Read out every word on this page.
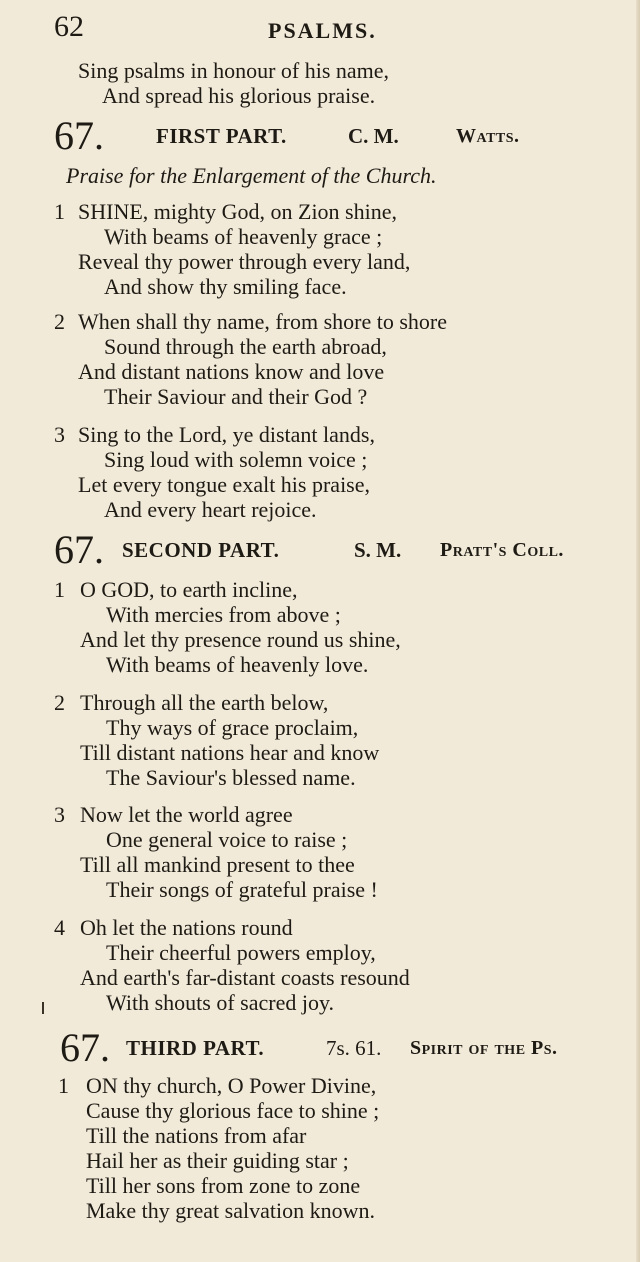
62	PSALMS.
Sing psalms in honour of his name,
And spread his glorious praise.
67. FIRST PART.	C. M.	Watts.
Praise for the Enlargement of the Church.
1 SHINE, mighty God, on Zion shine,
With beams of heavenly grace ;
Reveal thy power through every land,
And show thy smiling face.
2 When shall thy name, from shore to shore
Sound through the earth abroad,
And distant nations know and love
Their Saviour and their God ?
3 Sing to the Lord, ye distant lands,
Sing loud with solemn voice ;
Let every tongue exalt his praise,
And every heart rejoice.
67. SECOND PART.	S. M. Pratt's Coll.
1 O GOD, to earth incline,
With mercies from above ;
And let thy presence round us shine,
With beams of heavenly love.
2 Through all the earth below,
Thy ways of grace proclaim,
Till distant nations hear and know
The Saviour's blessed name.
3 Now let the world agree
One general voice to raise ;
Till all mankind present to thee
Their songs of grateful praise !
4 Oh let the nations round
Their cheerful powers employ,
And earth's far-distant coasts resound
With shouts of sacred joy.
67. THIRD PART.	7s. 61. Spirit of the Ps.
1 ON thy church, O Power Divine,
Cause thy glorious face to shine ;
Till the nations from afar
Hail her as their guiding star ;
Till her sons from zone to zone
Make thy great salvation known.
